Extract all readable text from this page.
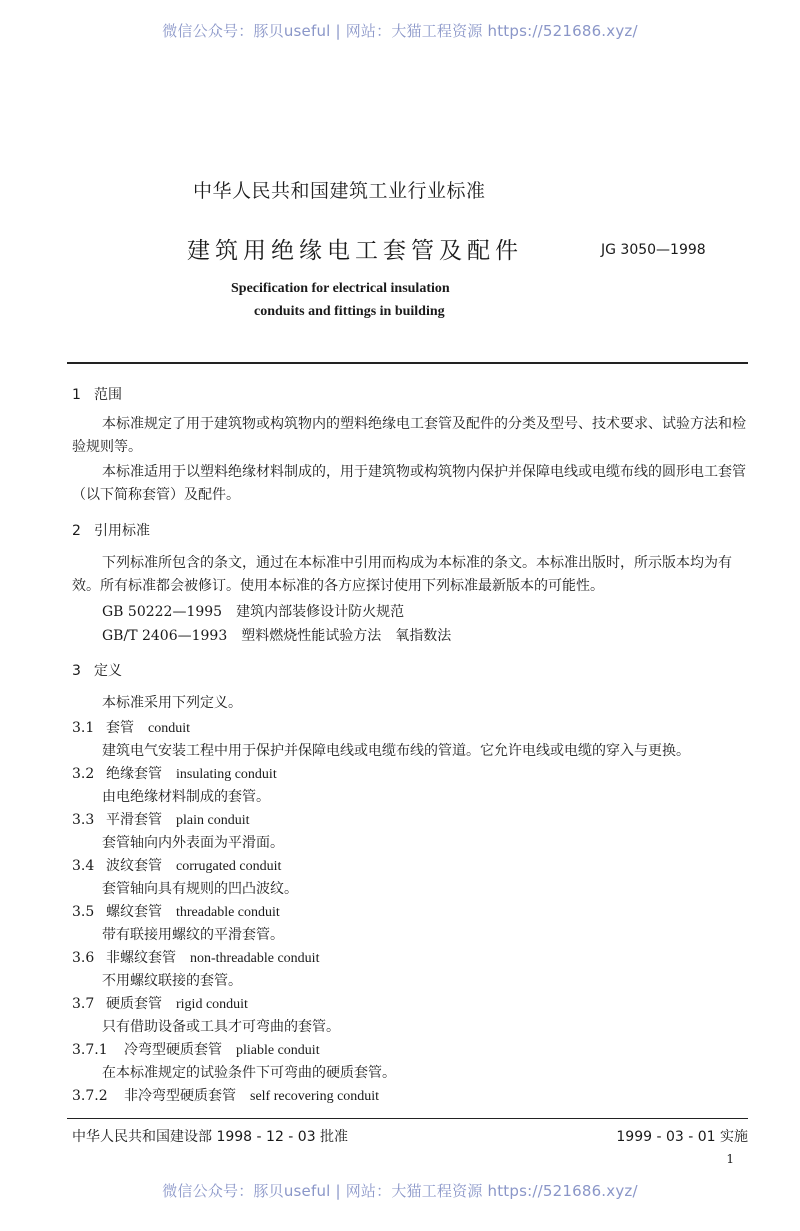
微信公众号：豚贝useful | 网站：大猫工程资源 https://521686.xyz/
中华人民共和国建筑工业行业标准
建筑用绝缘电工套管及配件	JG 3050—1998
Specification for electrical insulation
conduits and fittings in building
1 范围
本标准规定了用于建筑物或构筑物内的塑料绝缘电工套管及配件的分类及型号、技术要求、试验方法和检验规则等。
本标准适用于以塑料绝缘材料制成的，用于建筑物或构筑物内保护并保障电线或电缆布线的圆形电工套管（以下简称套管）及配件。
2 引用标准
下列标准所包含的条文，通过在本标准中引用而构成为本标准的条文。本标准出版时，所示版本均为有效。所有标准都会被修订。使用本标准的各方应探讨使用下列标准最新版本的可能性。
GB 50222—1995　建筑内部装修设计防火规范
GB/T 2406—1993　塑料燃烧性能试验方法　氧指数法
3 定义
本标准采用下列定义。
3.1 套管 conduit
建筑电气安装工程中用于保护并保障电线或电缆布线的管道。它允许电线或电缆的穿入与更换。
3.2 绝缘套管 insulating conduit
由电绝缘材料制成的套管。
3.3 平滑套管 plain conduit
套管轴向内外表面为平滑面。
3.4 波纹套管 corrugated conduit
套管轴向具有规则的凹凸波纹。
3.5 螺纹套管 threadable conduit
带有联接用螺纹的平滑套管。
3.6 非螺纹套管 non-threadable conduit
不用螺纹联接的套管。
3.7 硬质套管 rigid conduit
只有借助设备或工具才可弯曲的套管。
3.7.1 冷弯型硬质套管 pliable conduit
在本标准规定的试验条件下可弯曲的硬质套管。
3.7.2 非冷弯型硬质套管 self recovering conduit
中华人民共和国建设部 1998 - 12 - 03 批准	1999 - 03 - 01 实施
1
微信公众号：豚贝useful | 网站：大猫工程资源 https://521686.xyz/
